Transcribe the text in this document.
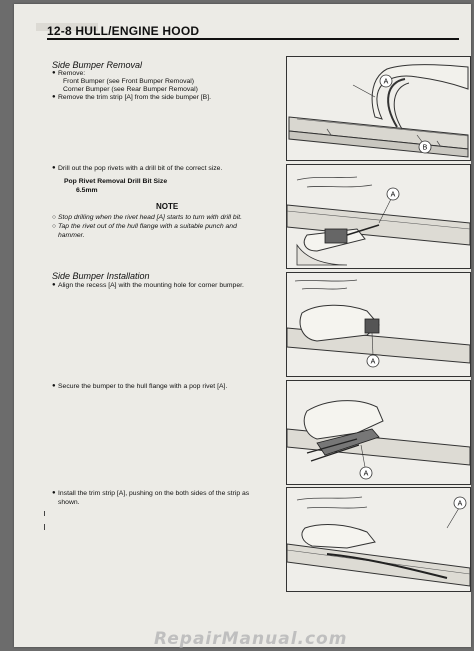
12-8 HULL/ENGINE HOOD
Side Bumper Removal
● Remove:
Front Bumper (see Front Bumper Removal)
Corner Bumper (see Rear Bumper Removal)
● Remove the trim strip [A] from the side bumper [B].
A
B
● Drill out the pop rivets with a drill bit of the correct size.
Pop Rivet Removal Drill Bit Size
6.5mm
NOTE
○ Stop drilling when the rivet head [A] starts to turn with drill bit.
○ Tap the rivet out of the hull flange with a suitable punch and
hammer.
A
Side Bumper Installation
● Align the recess [A] with the mounting hole for corner bumper.
A
● Secure the bumper to the hull flange with a pop rivet [A].
A
● Install the trim strip [A], pushing on the both sides of the strip as
shown.	A
RepairManual.com
